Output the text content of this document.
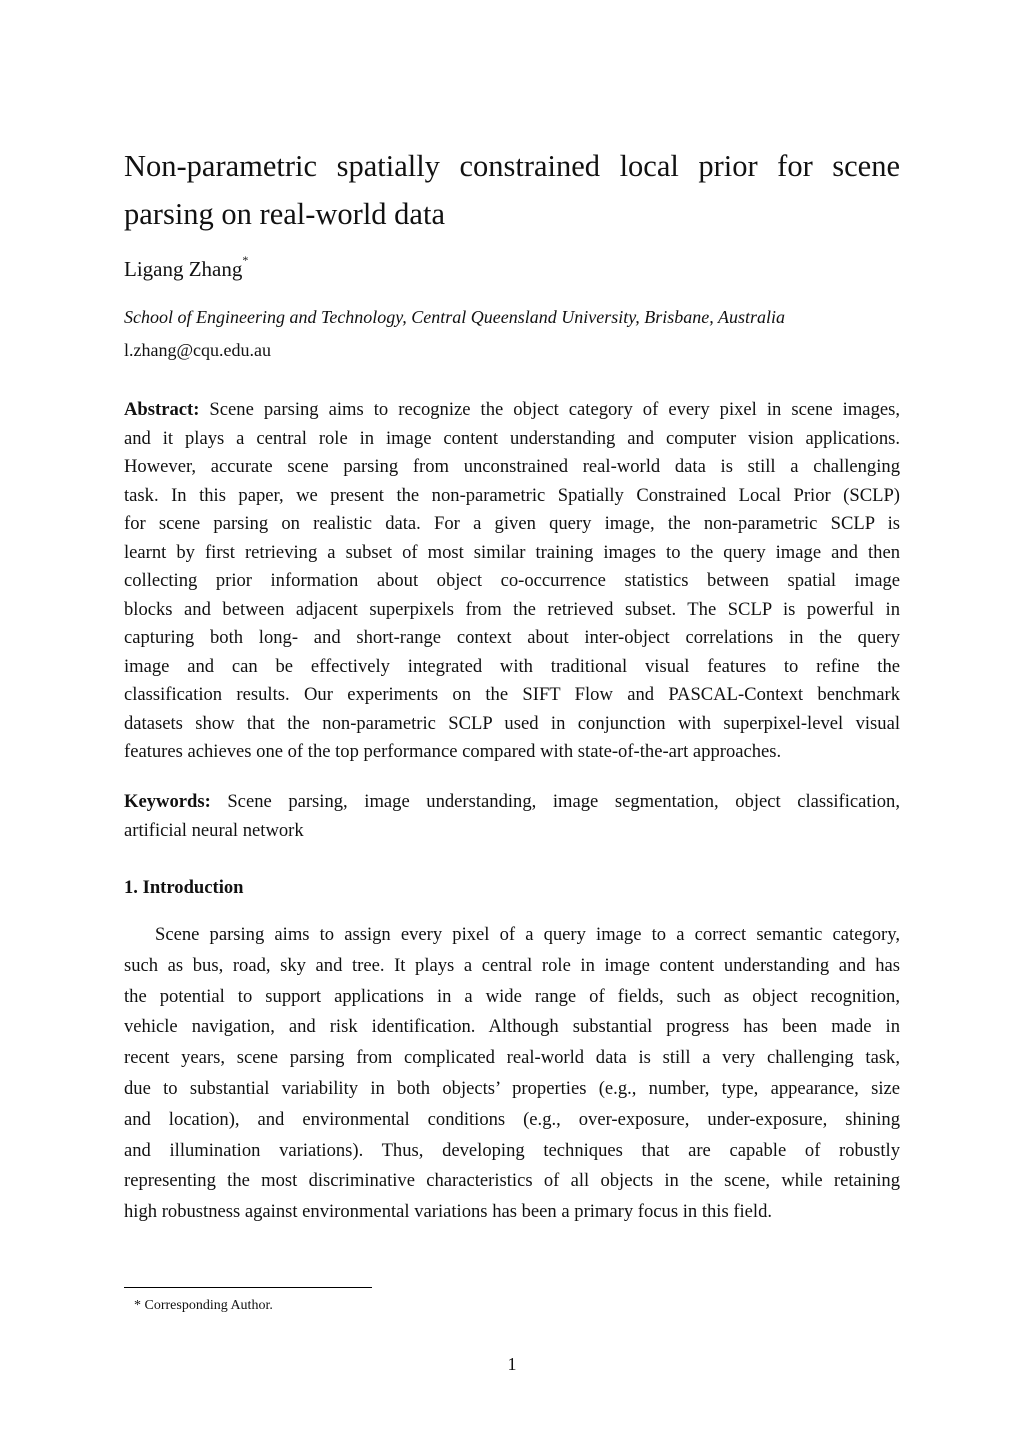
Non-parametric spatially constrained local prior for scene
parsing on real-world data
Ligang Zhang*
School of Engineering and Technology, Central Queensland University, Brisbane, Australia
l.zhang@cqu.edu.au
Abstract: Scene parsing aims to recognize the object category of every pixel in scene images,
and it plays a central role in image content understanding and computer vision applications.
However, accurate scene parsing from unconstrained real-world data is still a challenging
task. In this paper, we present the non-parametric Spatially Constrained Local Prior (SCLP)
for scene parsing on realistic data. For a given query image, the non-parametric SCLP is
learnt by first retrieving a subset of most similar training images to the query image and then
collecting prior information about object co-occurrence statistics between spatial image
blocks and between adjacent superpixels from the retrieved subset. The SCLP is powerful in
capturing both long- and short-range context about inter-object correlations in the query
image and can be effectively integrated with traditional visual features to refine the
classification results. Our experiments on the SIFT Flow and PASCAL-Context benchmark
datasets show that the non-parametric SCLP used in conjunction with superpixel-level visual
features achieves one of the top performance compared with state-of-the-art approaches.
Keywords: Scene parsing, image understanding, image segmentation, object classification,
artificial neural network
1. Introduction
Scene parsing aims to assign every pixel of a query image to a correct semantic category,
such as bus, road, sky and tree. It plays a central role in image content understanding and has
the potential to support applications in a wide range of fields, such as object recognition,
vehicle navigation, and risk identification. Although substantial progress has been made in
recent years, scene parsing from complicated real-world data is still a very challenging task,
due to substantial variability in both objects’ properties (e.g., number, type, appearance, size
and location), and environmental conditions (e.g., over-exposure, under-exposure, shining
and illumination variations). Thus, developing techniques that are capable of robustly
representing the most discriminative characteristics of all objects in the scene, while retaining
high robustness against environmental variations has been a primary focus in this field.
* Corresponding Author.
1
